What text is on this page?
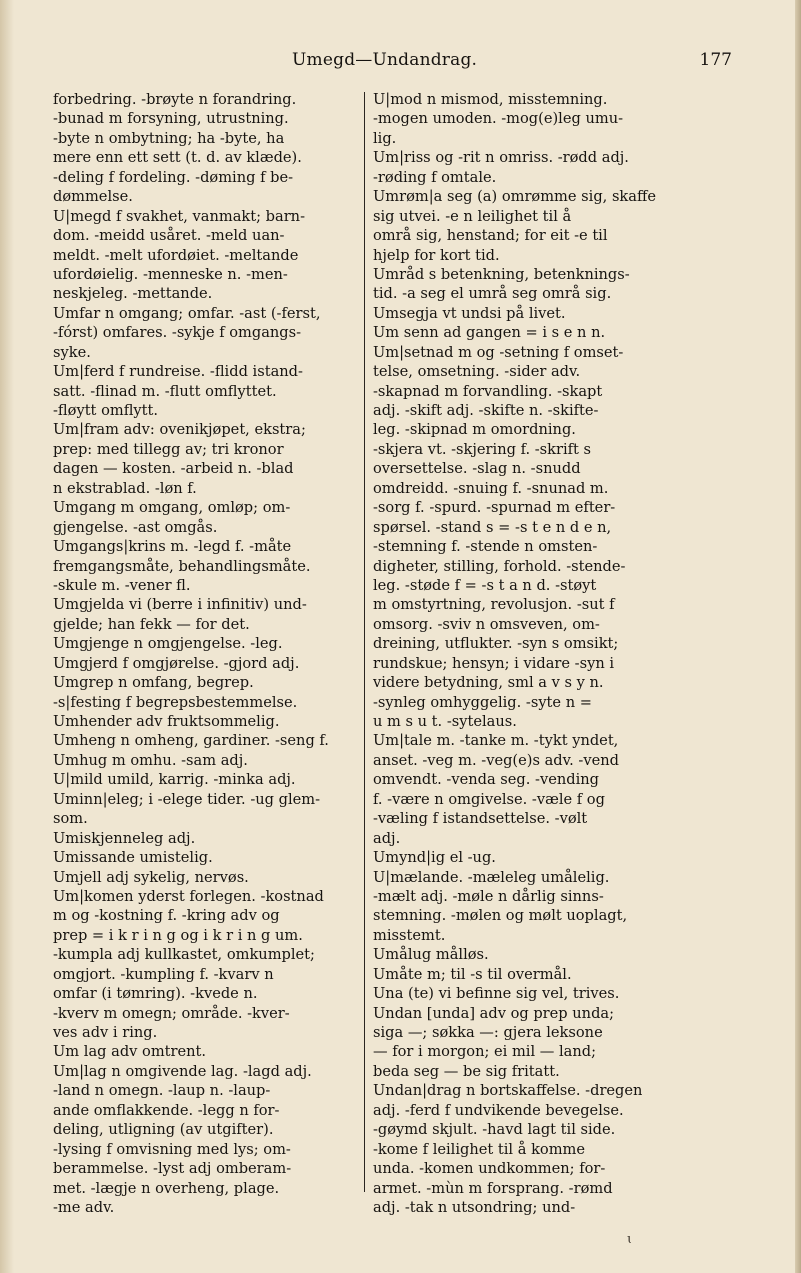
Umegd—Undandrag.	177
forbedring. -brøyte n forandring.
-bunad m forsyning, utrustning.
-byte n ombytning; ha -byte, ha
mere enn ett sett (t. d. av klæde).
-deling f fordeling. -døming f be-
dømmelse.
U|megd f svakhet, vanmakt; barn-
dom. -meidd usåret. -meld uan-
meldt. -melt ufordøiet. -meltande
ufordøielig. -menneske n. -men-
neskjeleg. -mettande.
Umfar n omgang; omfar. -ast (-ferst,
-fórst) omfares. -sykje f omgangs-
syke.
Um|ferd f rundreise. -flidd istand-
satt. -flinad m. -flutt omflyttet.
-fløytt omflytt.
Um|fram adv: ovenikjøpet, ekstra;
prep: med tillegg av; tri kronor
dagen — kosten. -arbeid n. -blad
n ekstrablad. -løn f.
Umgang m omgang, omløp; om-
gjengelse. -ast omgås.
Umgangs|krins m. -legd f. -måte
fremgangsmåte, behandlingsmåte.
-skule m. -vener fl.
Umgjelda vi (berre i infinitiv) und-
gjelde; han fekk — for det.
Umgjenge n omgjengelse. -leg.
Umgjerd f omgjørelse. -gjord adj.
Umgrep n omfang, begrep.
-s|festing f begrepsbestemmelse.
Umhender adv fruktsommelig.
Umheng n omheng, gardiner. -seng f.
Umhug m omhu. -sam adj.
U|mild umild, karrig. -minka adj.
Uminn|eleg; i -elege tider. -ug glem-
som.
Umiskjenneleg adj.
Umissande umistelig.
Umjell adj sykelig, nervøs.
Um|komen yderst forlegen. -kostnad
m og -kostning f. -kring adv og
prep = i k r i n g og i k r i n g um.
-kumpla adj kullkastet, omkumplet;
omgjort. -kumpling f. -kvarv n
omfar (i tømring). -kvede n.
-kverv m omegn; område. -kver-
ves adv i ring.
Um lag adv omtrent.
Um|lag n omgivende lag. -lagd adj.
-land n omegn. -laup n. -laup-
ande omflakkende. -legg n for-
deling, utligning (av utgifter).
-lysing f omvisning med lys; om-
berammelse. -lyst adj omberam-
met. -lægje n overheng, plage.
-me adv.
U|mod n mismod, misstemning.
-mogen umoden. -mog(e)leg umu-
lig.
Um|riss og -rit n omriss. -rødd adj.
-røding f omtale.
Umrøm|a seg (a) omrømme sig, skaffe
sig utvei. -e n leilighet til å
områ sig, henstand; for eit -e til
hjelp for kort tid.
Umråd s betenkning, betenknings-
tid. -a seg el umrå seg områ sig.
Umsegja vt undsi på livet.
Um senn ad gangen = i s e n n.
Um|setnad m og -setning f omset-
telse, omsetning. -sider adv.
-skapnad m forvandling. -skapt
adj. -skift adj. -skifte n. -skifte-
leg. -skipnad m omordning.
-skjera vt. -skjering f. -skrift s
oversettelse. -slag n. -snudd
omdreidd. -snuing f. -snunad m.
-sorg f. -spurd. -spurnad m efter-
spørsel. -stand s = -s t e n d e n,
-stemning f. -stende n omsten-
digheter, stilling, forhold. -stende-
leg. -støde f = -s t a n d. -støyt
m omstyrtning, revolusjon. -sut f
omsorg. -sviv n omsveven, om-
dreining, utflukter. -syn s omsikt;
rundskue; hensyn; i vidare -syn i
videre betydning, sml a v s y n.
-synleg omhyggelig. -syte n =
u m s u t. -sytelaus.
Um|tale m. -tanke m. -tykt yndet,
anset. -veg m. -veg(e)s adv. -vend
omvendt. -venda seg. -vending
f. -være n omgivelse. -væle f og
-væling f istandsettelse. -vølt
adj.
Umynd|ig el -ug.
U|mælande. -mæleleg umålelig.
-mælt adj. -møle n dårlig sinns-
stemning. -mølen og mølt uoplagt,
misstemt.
Umålug målløs.
Umåte m; til -s til overmål.
Una (te) vi befinne sig vel, trives.
Undan [unda] adv og prep unda;
siga —; søkka —: gjera leksone
— for i morgon; ei mil — land;
beda seg — be sig fritatt.
Undan|drag n bortskaffelse. -dregen
adj. -ferd f undvikende bevegelse.
-gøymd skjult. -havd lagt til side.
-kome f leilighet til å komme
unda. -komen undkommen; for-
armet. -mùn m forsprang. -rømd
adj. -tak n utsondring; und-
ɩ
